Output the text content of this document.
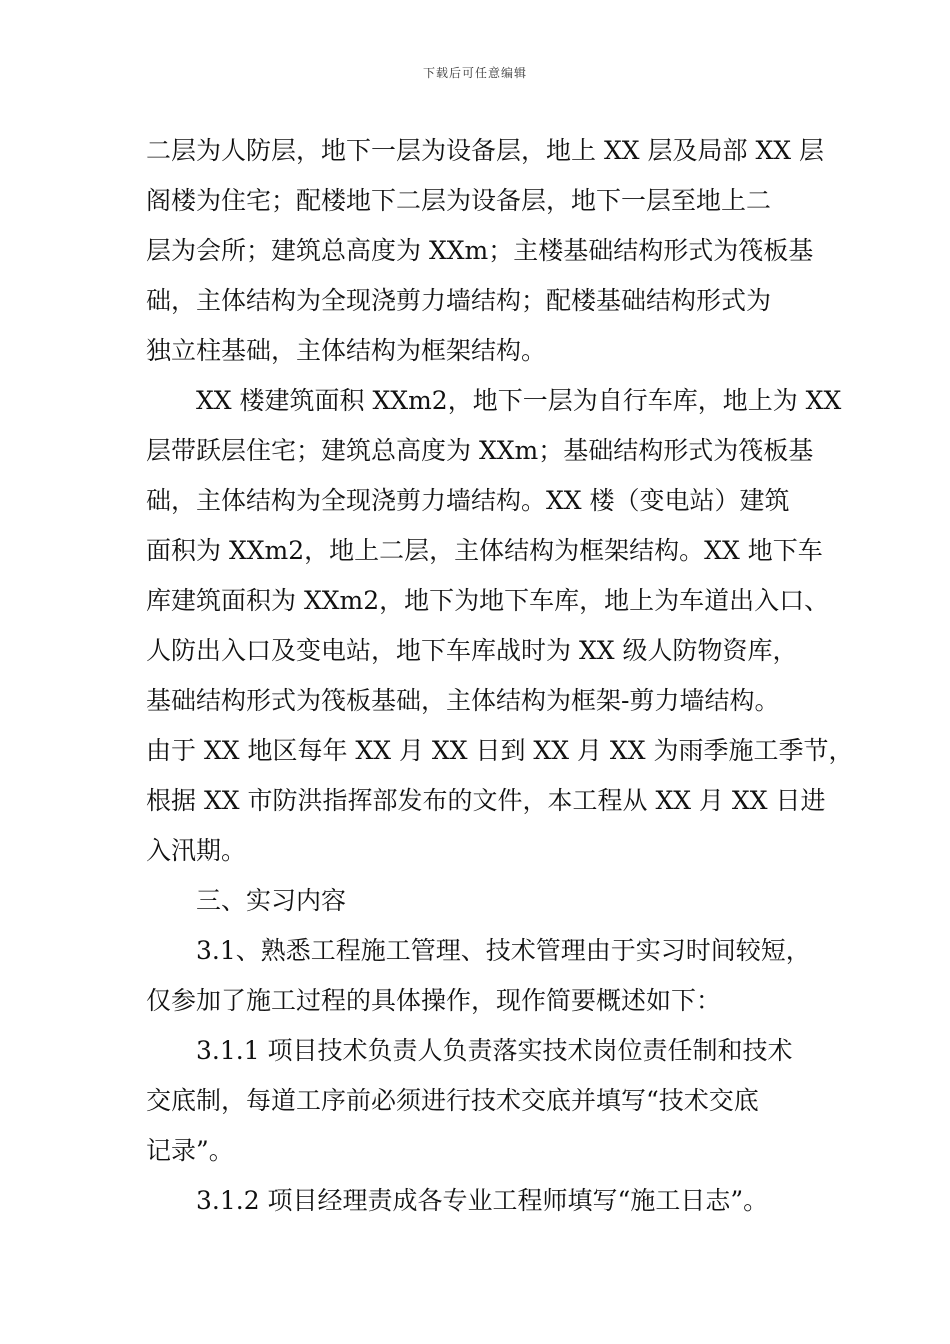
下载后可任意编辑
二层为人防层，地下一层为设备层，地上 XX 层及局部 XX 层
阁楼为住宅；配楼地下二层为设备层，地下一层至地上二
层为会所；建筑总高度为 XXm；主楼基础结构形式为筏板基
础，主体结构为全现浇剪力墙结构；配楼基础结构形式为
独立柱基础，主体结构为框架结构。
XX 楼建筑面积 XXm2，地下一层为自行车库，地上为 XX
层带跃层住宅；建筑总高度为 XXm；基础结构形式为筏板基
础，主体结构为全现浇剪力墙结构。XX 楼（变电站）建筑
面积为 XXm2，地上二层，主体结构为框架结构。XX 地下车
库建筑面积为 XXm2，地下为地下车库，地上为车道出入口、
人防出入口及变电站，地下车库战时为 XX 级人防物资库，
基础结构形式为筏板基础，主体结构为框架-剪力墙结构。
由于 XX 地区每年 XX 月 XX 日到 XX 月 XX 为雨季施工季节，
根据 XX 市防洪指挥部发布的文件，本工程从 XX 月 XX 日进
入汛期。
三、实习内容
3.1、熟悉工程施工管理、技术管理由于实习时间较短，
仅参加了施工过程的具体操作，现作简要概述如下：
3.1.1 项目技术负责人负责落实技术岗位责任制和技术
交底制，每道工序前必须进行技术交底并填写“技术交底
记录”。
3.1.2 项目经理责成各专业工程师填写“施工日志”。
